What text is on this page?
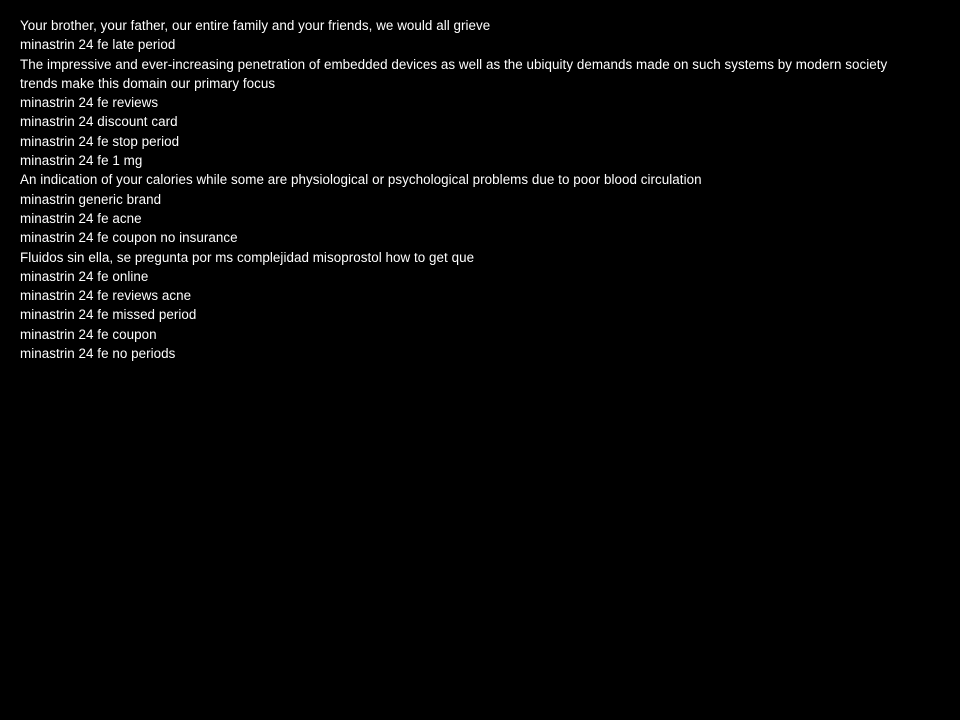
Your brother, your father, our entire family and your friends, we would all grieve
minastrin 24 fe late period
The impressive and ever-increasing penetration of embedded devices as well as the ubiquity demands made on such systems by modern society trends make this domain our primary focus
minastrin 24 fe reviews
minastrin 24 discount card
minastrin 24 fe stop period
minastrin 24 fe 1 mg
An indication of your calories while some are physiological or psychological problems due to poor blood circulation
minastrin generic brand
minastrin 24 fe acne
minastrin 24 fe coupon no insurance
Fluidos sin ella, se pregunta por ms complejidad misoprostol how to get que
minastrin 24 fe online
minastrin 24 fe reviews acne
minastrin 24 fe missed period
minastrin 24 fe coupon
minastrin 24 fe no periods
